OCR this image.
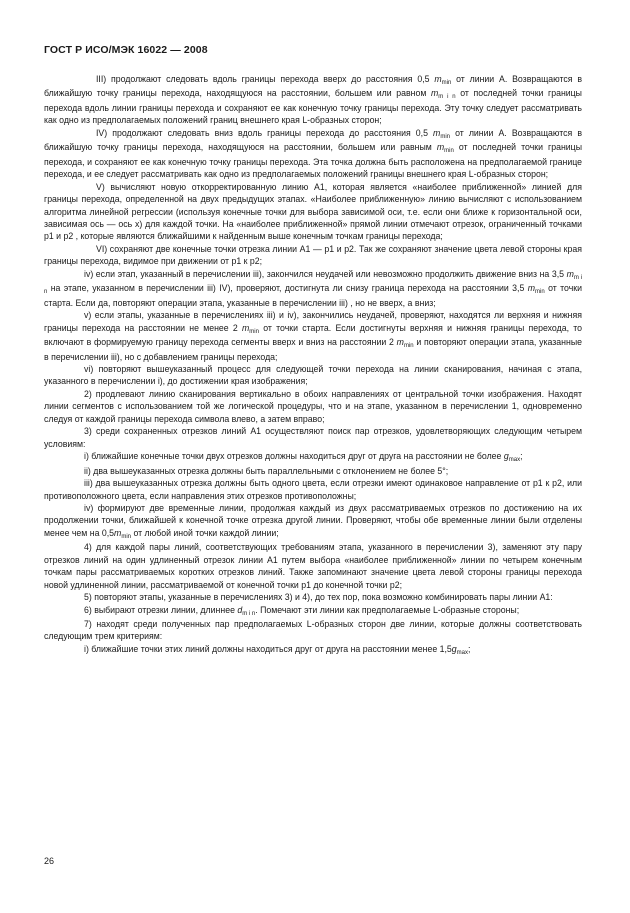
ГОСТ Р ИСО/МЭК 16022 — 2008

III) продолжают следовать вдоль границы перехода вверх до расстояния 0,5 $m_{min}$ от линии А. Возвращаются в ближайшую точку границы перехода, находящуюся на расстоянии, большем или равном $m_{m i n}$ от последней точки границы перехода вдоль линии границы перехода и сохраняют ее как конечную точку границы перехода. Эту точку следует рассматривать как одно из предполагаемых положений границ внешнего края L-образных сторон;

IV) продолжают следовать вниз вдоль границы перехода до расстояния 0,5 $m_{min}$ от линии А. Возвращаются в ближайшую точку границы перехода, находящуюся на расстоянии, большем или равным $m_{min}$ от последней точки границы перехода, и сохраняют ее как конечную точку границы перехода. Эта точка должна быть расположена на предполагаемой границе перехода, и ее следует рассматривать как одно из предполагаемых положений границы внешнего края L-образных сторон;

V) вычисляют новую откорректированную линию А1, которая является «наиболее приближенной» линией для границы перехода, определенной на двух предыдущих этапах. «Наиболее приближенную» линию вычисляют с использованием алгоритма линейной регрессии (используя конечные точки для выбора зависимой оси, т.е. если они ближе к горизонтальной оси, зависимая ось — ось х) для каждой точки. На «наиболее приближенной» прямой линии отмечают отрезок, ограниченный точками p1 и p2 , которые являются ближайшими к найденным выше конечным точкам границы перехода;

VI) сохраняют две конечные точки отрезка линии А1 — p1 и p2. Так же сохраняют значение цвета левой стороны края границы перехода, видимое при движении от p1 к p2;

iv) если этап, указанный в перечислении iii), закончился неудачей или невозможно продолжить движение вниз на 3,5 $m_{m i n}$ на этапе, указанном в перечислении iii) IV), проверяют, достигнута ли снизу граница перехода на расстоянии 3,5 $m_{min}$ от точки старта. Если да, повторяют операции этапа, указанные в перечислении iii) , но не вверх, а вниз;

v) если этапы, указанные в перечислениях iii) и iv), закончились неудачей, проверяют, находятся ли верхняя и нижняя границы перехода на расстоянии не менее 2 $m_{min}$ от точки старта. Если достигнуты верхняя и нижняя границы перехода, то включают в формируемую границу перехода сегменты вверх и вниз на расстоянии 2 $m_{min}$ и повторяют операции этапа, указанные в перечислении iii), но с добавлением границы перехода;

vi) повторяют вышеуказанный процесс для следующей точки перехода на линии сканирования, начиная с этапа, указанного в перечислении i), до достижении края изображения;

2) продлевают линию сканирования вертикально в обоих направлениях от центральной точки изображения. Находят линии сегментов с использованием той же логической процедуры, что и на этапе, указанном в перечислении 1, одновременно следуя от каждой границы перехода символа влево, а затем вправо;

3) среди сохраненных отрезков линий А1 осуществляют поиск пар отрезков, удовлетворяющих следующим четырем условиям:

i) ближайшие конечные точки двух отрезков должны находиться друг от друга на расстоянии не более $g_{max}$;

ii) два вышеуказанных отрезка должны быть параллельными с отклонением не более 5°;

iii) два вышеуказанных отрезка должны быть одного цвета, если отрезки имеют одинаковое направление от p1 к p2, или противоположного цвета, если направления этих отрезков противоположны;

iv) формируют две временные линии, продолжая каждый из двух рассматриваемых отрезков по достижению на их продолжении точки, ближайшей к конечной точке отрезка другой линии. Проверяют, чтобы обе временные линии были отделены менее чем на $0,5m_{min}$ от любой иной точки каждой линии;

4) для каждой пары линий, соответствующих требованиям этапа, указанного в перечислении 3), заменяют эту пару отрезков линий на один удлиненный отрезок линии А1 путем выбора «наиболее приближенной» линии по четырем конечным точкам пары рассматриваемых коротких отрезков линий. Также запоминают значение цвета левой стороны границы перехода новой удлиненной линии, рассматриваемой от конечной точки p1 до конечной точки p2;

5) повторяют этапы, указанные в перечислениях 3) и 4), до тех пор, пока возможно комбинировать пары линии А1:

6) выбирают отрезки линии, длиннее $d_{m i n}$. Помечают эти линии как предполагаемые L-образные стороны;

7) находят среди полученных пар предполагаемых L-образных сторон две линии, которые должны соответствовать следующим трем критериям:

i) ближайшие точки этих линий должны находиться друг от друга на расстоянии менее $1,5g_{max}$;

26
